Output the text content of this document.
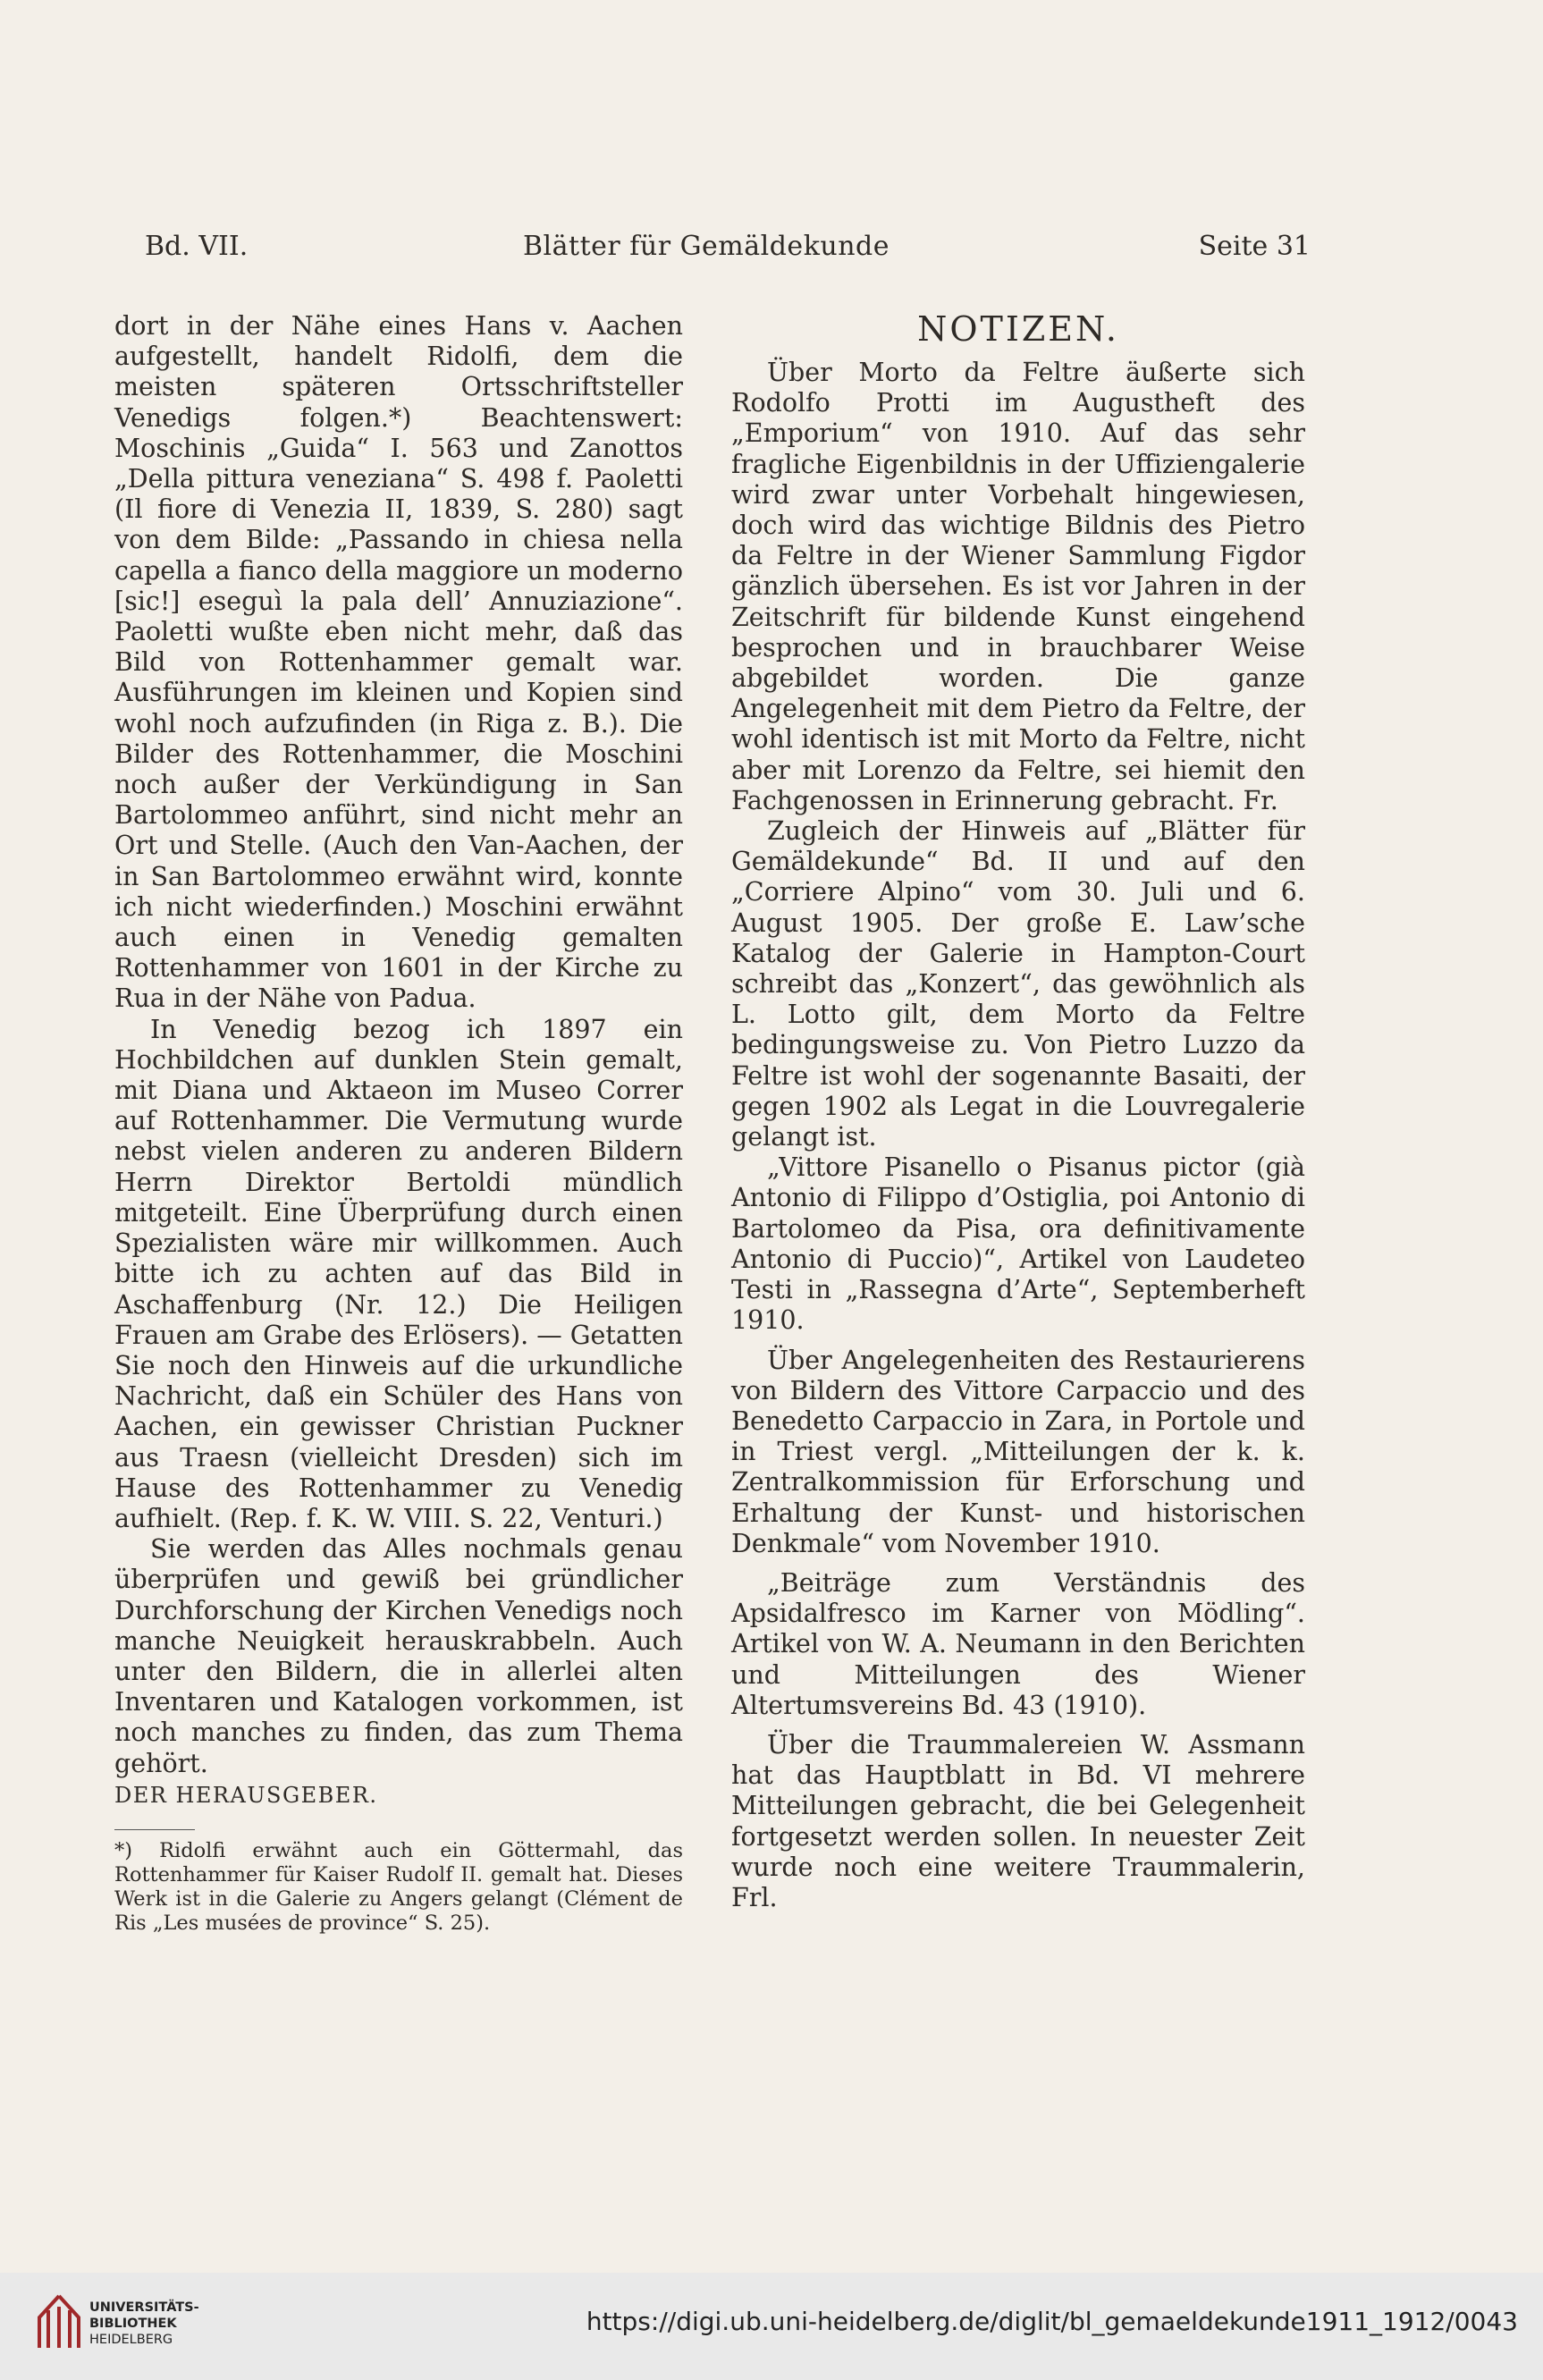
Bd. VII.	Blätter für Gemäldekunde	Seite 31

dort in der Nähe eines Hans v. Aachen aufgestellt, handelt Ridolfi, dem die meisten späteren Ortsschriftsteller Venedigs folgen.*) Beachtenswert: Moschinis „Guida“ I. 563 und Zanottos „Della pittura veneziana“ S. 498 f. Paoletti (Il fiore di Venezia II, 1839, S. 280) sagt von dem Bilde: „Passando in chiesa nella capella a fianco della maggiore un moderno [sic!] eseguì la pala dell’ Annuziazione“. Paoletti wußte eben nicht mehr, daß das Bild von Rottenhammer gemalt war. Ausführungen im kleinen und Kopien sind wohl noch aufzufinden (in Riga z. B.). Die Bilder des Rottenhammer, die Moschini noch außer der Verkündigung in San Bartolommeo anführt, sind nicht mehr an Ort und Stelle. (Auch den Van-Aachen, der in San Bartolommeo erwähnt wird, konnte ich nicht wiederfinden.) Moschini erwähnt auch einen in Venedig gemalten Rottenhammer von 1601 in der Kirche zu Rua in der Nähe von Padua.

In Venedig bezog ich 1897 ein Hochbildchen auf dunklen Stein gemalt, mit Diana und Aktaeon im Museo Correr auf Rottenhammer. Die Vermutung wurde nebst vielen anderen zu anderen Bildern Herrn Direktor Bertoldi mündlich mitgeteilt. Eine Überprüfung durch einen Spezialisten wäre mir willkommen. Auch bitte ich zu achten auf das Bild in Aschaffenburg (Nr. 12.) Die Heiligen Frauen am Grabe des Erlösers). — Getatten Sie noch den Hinweis auf die urkundliche Nachricht, daß ein Schüler des Hans von Aachen, ein gewisser Christian Puckner aus Traesn (vielleicht Dresden) sich im Hause des Rottenhammer zu Venedig aufhielt. (Rep. f. K. W. VIII. S. 22, Venturi.)

Sie werden das Alles nochmals genau überprüfen und gewiß bei gründlicher Durchforschung der Kirchen Venedigs noch manche Neuigkeit herauskrabbeln. Auch unter den Bildern, die in allerlei alten Inventaren und Katalogen vorkommen, ist noch manches zu finden, das zum Thema gehört.

DER HERAUSGEBER.

*) Ridolfi erwähnt auch ein Göttermahl, das Rottenhammer für Kaiser Rudolf II. gemalt hat. Dieses Werk ist in die Galerie zu Angers gelangt (Clément de Ris „Les musées de province“ S. 25).

NOTIZEN.

Über Morto da Feltre äußerte sich Rodolfo Protti im Augustheft des „Emporium“ von 1910. Auf das sehr fragliche Eigenbildnis in der Uffiziengalerie wird zwar unter Vorbehalt hingewiesen, doch wird das wichtige Bildnis des Pietro da Feltre in der Wiener Sammlung Figdor gänzlich übersehen. Es ist vor Jahren in der Zeitschrift für bildende Kunst eingehend besprochen und in brauchbarer Weise abgebildet worden. Die ganze Angelegenheit mit dem Pietro da Feltre, der wohl identisch ist mit Morto da Feltre, nicht aber mit Lorenzo da Feltre, sei hiemit den Fachgenossen in Erinnerung gebracht. Fr.

Zugleich der Hinweis auf „Blätter für Gemäldekunde“ Bd. II und auf den „Corriere Alpino“ vom 30. Juli und 6. August 1905. Der große E. Law’sche Katalog der Galerie in Hampton-Court schreibt das „Konzert“, das gewöhnlich als L. Lotto gilt, dem Morto da Feltre bedingungsweise zu. Von Pietro Luzzo da Feltre ist wohl der sogenannte Basaiti, der gegen 1902 als Legat in die Louvregalerie gelangt ist.

„Vittore Pisanello o Pisanus pictor (già Antonio di Filippo d’Ostiglia, poi Antonio di Bartolomeo da Pisa, ora definitivamente Antonio di Puccio)“, Artikel von Laudeteo Testi in „Rassegna d’Arte“, Septemberheft 1910.

Über Angelegenheiten des Restaurierens von Bildern des Vittore Carpaccio und des Benedetto Carpaccio in Zara, in Portole und in Triest vergl. „Mitteilungen der k. k. Zentralkommission für Erforschung und Erhaltung der Kunst- und historischen Denkmale“ vom November 1910.

„Beiträge zum Verständnis des Apsidalfresco im Karner von Mödling“. Artikel von W. A. Neumann in den Berichten und Mitteilungen des Wiener Altertumsvereins Bd. 43 (1910).

Über die Traummalereien W. Assmann hat das Hauptblatt in Bd. VI mehrere Mitteilungen gebracht, die bei Gelegenheit fortgesetzt werden sollen. In neuester Zeit wurde noch eine weitere Traummalerin, Frl.

UNIVERSITÄTS-
BIBLIOTHEK
HEIDELBERG
https://digi.ub.uni-heidelberg.de/diglit/bl_gemaeldekunde1911_1912/0043
